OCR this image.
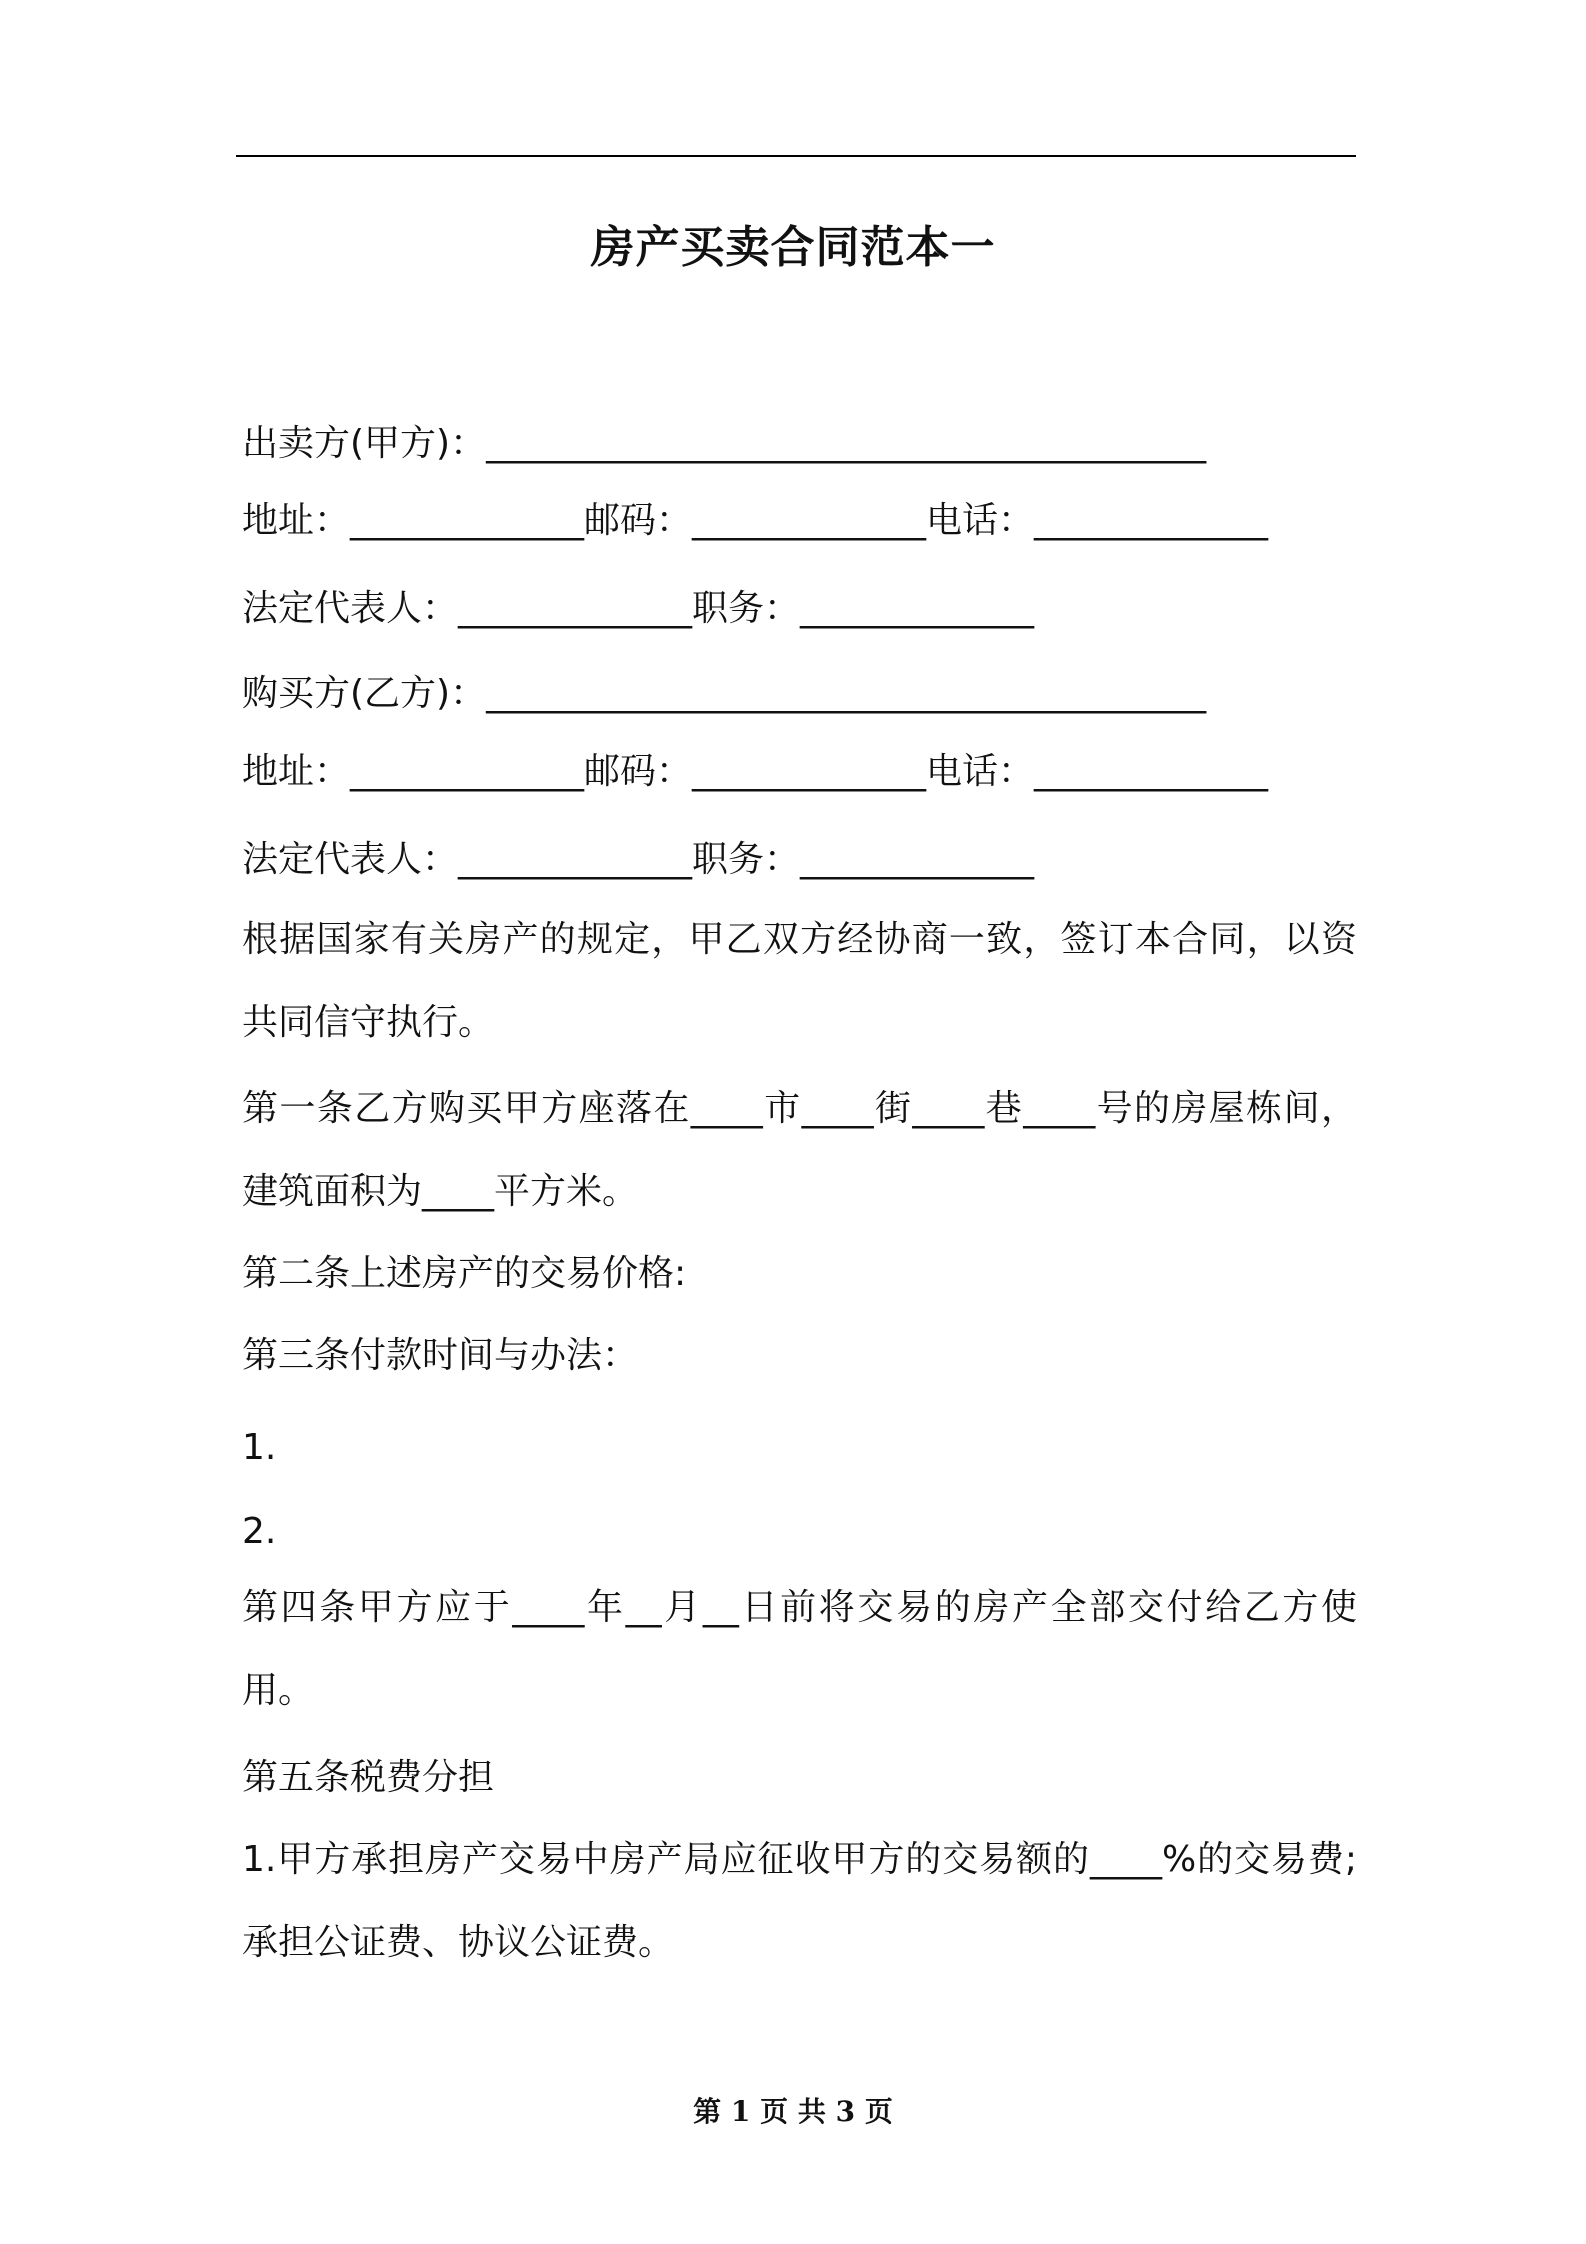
房产买卖合同范本一
出卖方(甲方)：________________________________________
地址：_____________邮码：_____________电话：_____________
法定代表人：_____________职务：_____________
购买方(乙方)：________________________________________
地址：_____________邮码：_____________电话：_____________
法定代表人：_____________职务：_____________
根据国家有关房产的规定，甲乙双方经协商一致，签订本合同，以资共同信守执行。
第一条乙方购买甲方座落在____市____街____巷____号的房屋栋间，建筑面积为____平方米。
第二条上述房产的交易价格:
第三条付款时间与办法：
1.
2.
第四条甲方应于____年__月__日前将交易的房产全部交付给乙方使用。
第五条税费分担
1.甲方承担房产交易中房产局应征收甲方的交易额的____%的交易费;承担公证费、协议公证费。
第 1 页 共 3 页
